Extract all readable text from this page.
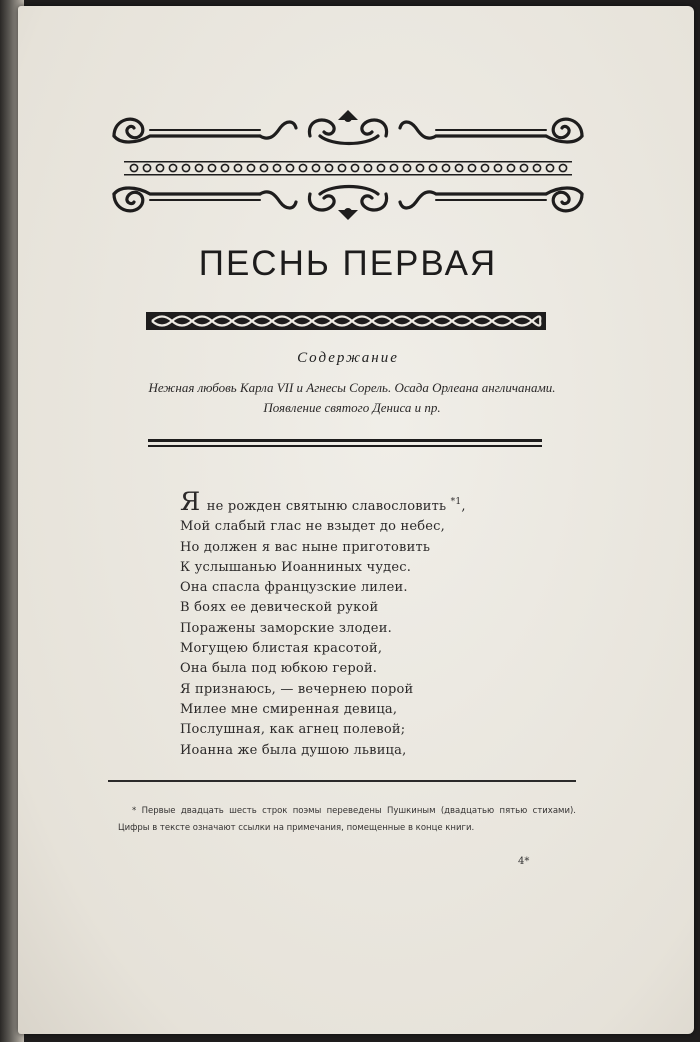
ПЕСНЬ ПЕРВАЯ
Содержание
Нежная любовь Карла VII и Агнесы Сорель. Осада Орлеана англичанами. Появление святого Дениса и пр.
Я не рожден святыню славословить $^{*1}$,
Мой слабый глас не взыдет до небес,
Но должен я вас ныне приготовить
К услышанью Иоанниных чудес.
Она спасла французские лилеи.
В боях ее девической рукой
Поражены заморские злодеи.
Могущею блистая красотой,
Она была под юбкою герой.
Я признаюсь, — вечернею порой
Милее мне смиренная девица,
Послушная, как агнец полевой;
Иоанна же была душою львица,
* Первые двадцать шесть строк поэмы переведены Пушкиным (двадцатью пятью стихами). Цифры в тексте означают ссылки на примечания, помещенные в конце книги.
4*
